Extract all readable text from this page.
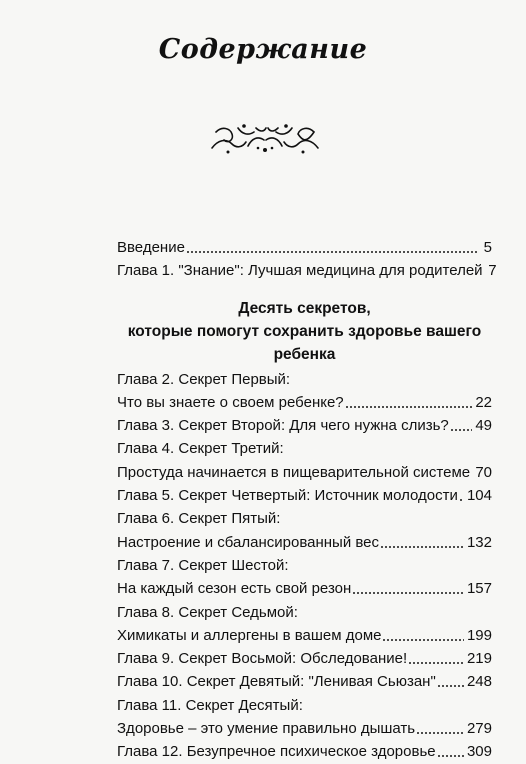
Содержание
Введение	5
Глава 1. "Знание": Лучшая медицина для родителей 7
Десять секретов,
которые помогут сохранить здоровье вашего ребенка
Глава 2. Секрет Первый:
Что вы знаете о своем ребенке?	22
Глава 3. Секрет Второй: Для чего нужна слизь? 49
Глава 4. Секрет Третий:
Простуда начинается в пищеварительной системе 70
Глава 5. Секрет Четвертый: Источник молодости 104
Глава 6. Секрет Пятый:
Настроение и сбалансированный вес	132
Глава 7. Секрет Шестой:
На каждый сезон есть свой резон	157
Глава 8. Секрет Седьмой:
Химикаты и аллергены в вашем доме	199
Глава 9. Секрет Восьмой: Обследование!	219
Глава 10. Секрет Девятый: "Ленивая Сьюзан" 248
Глава 11. Секрет Десятый:
Здоровье – это умение правильно дышать	279
Глава 12. Безупречное психическое здоровье 309
